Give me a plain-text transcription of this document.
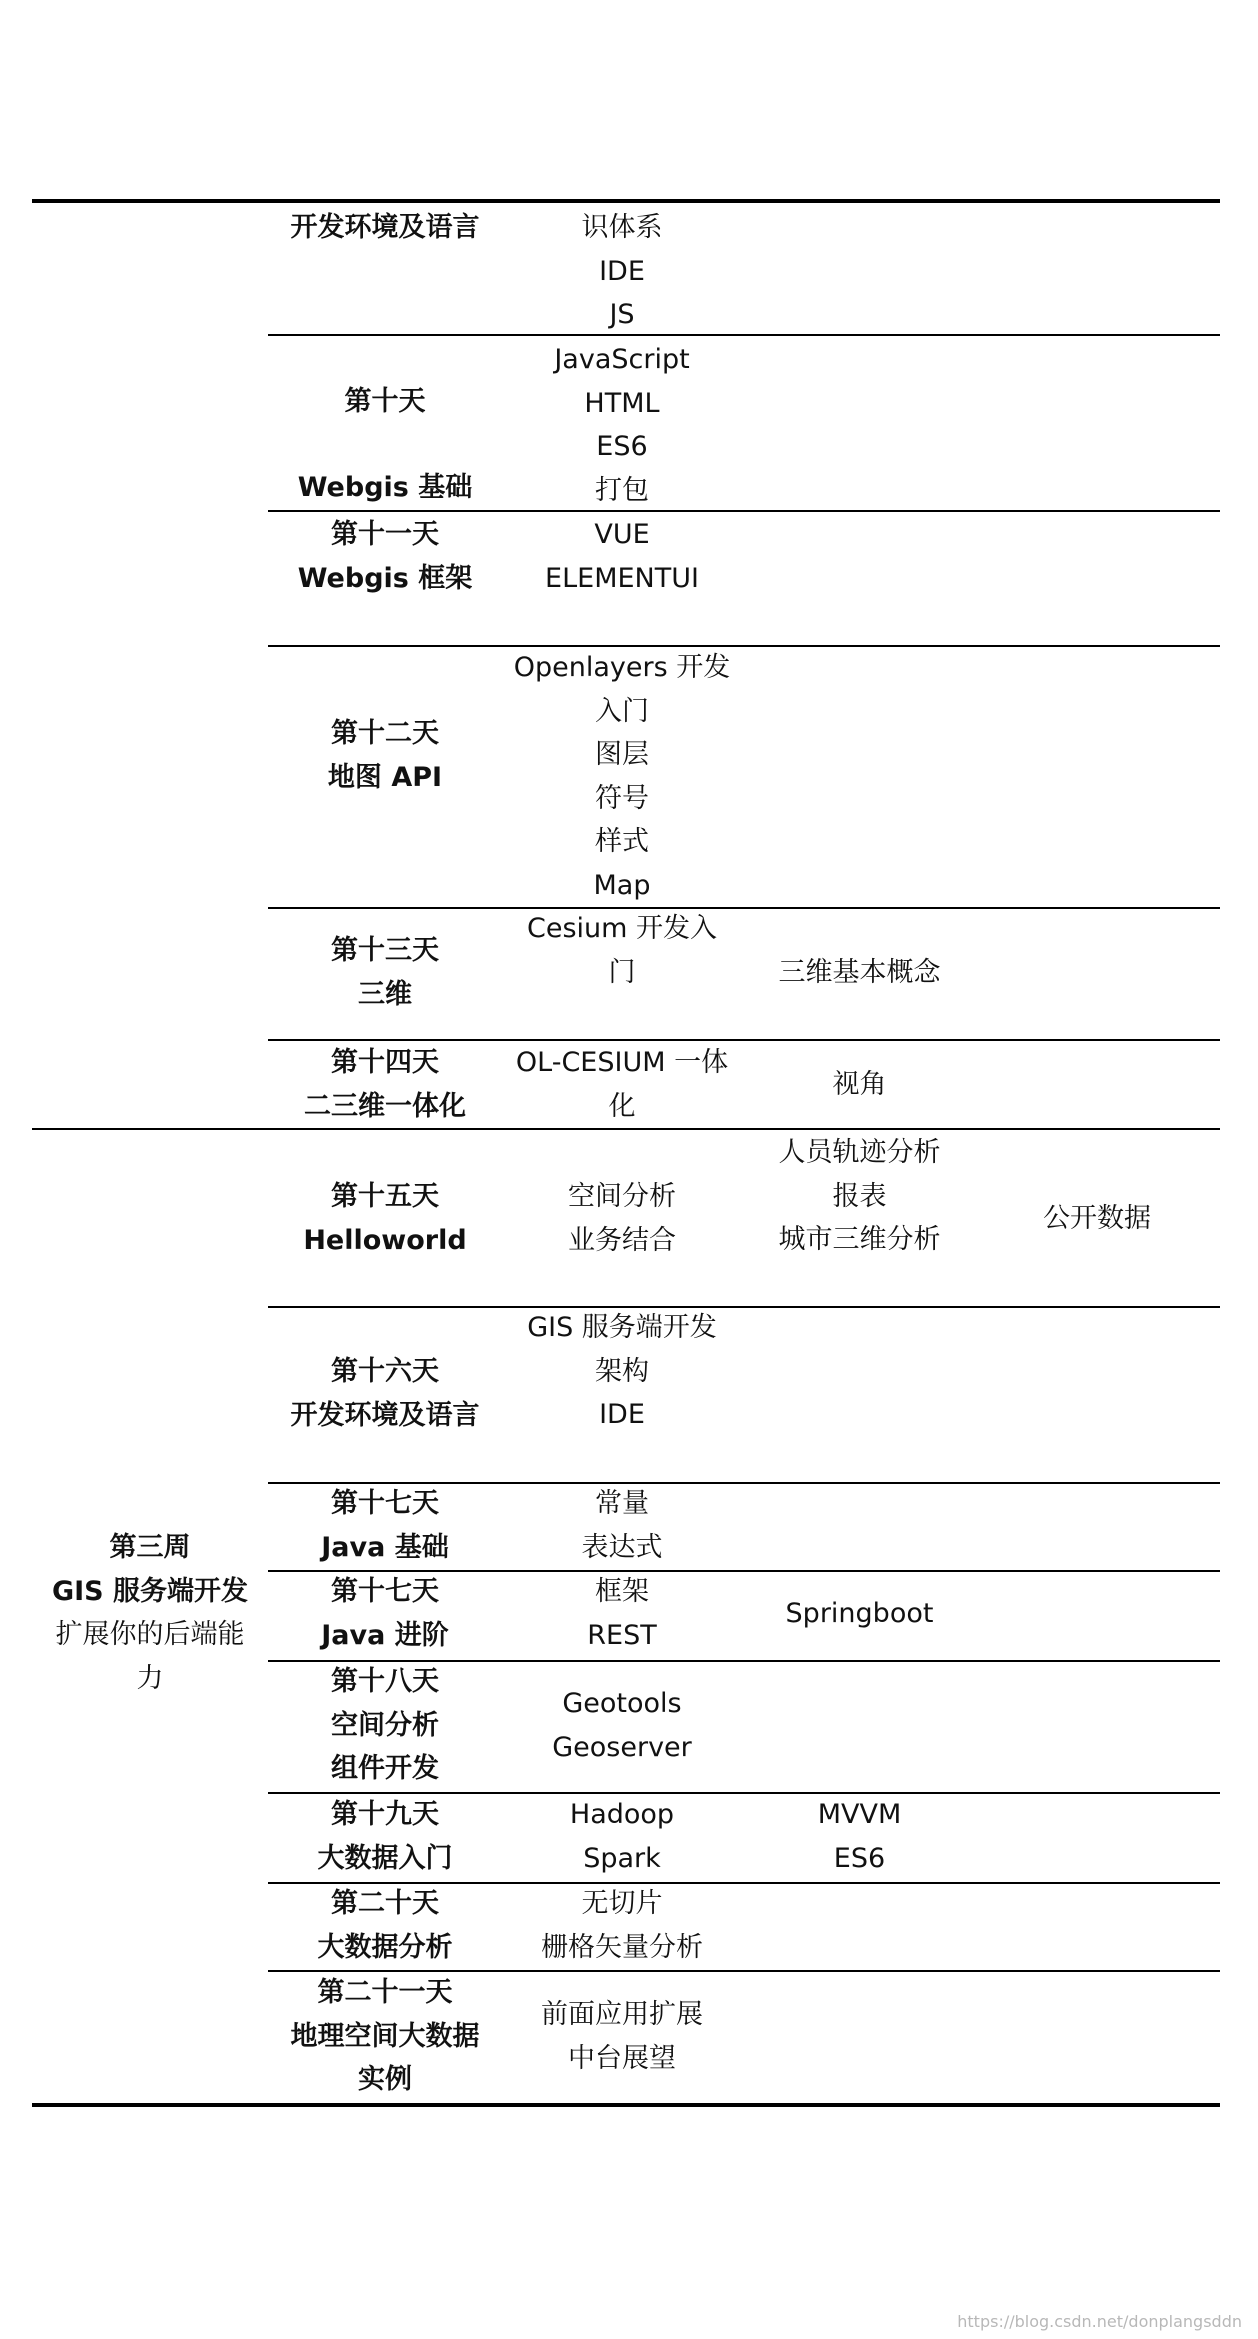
开发环境及语言	识体系
IDE
JS
第十天
Webgis 基础
JavaScript
HTML
ES6
打包
第十一天
Webgis 框架
VUE
ELEMENTUI
第十二天
地图 API
Openlayers 开发
入门
图层
符号
样式
Map
第十三天
三维
Cesium 开发入
门	三维基本概念
第十四天
二三维一体化
OL-CESIUM 一体
化
视角
第十五天
Helloworld
空间分析
业务结合
人员轨迹分析
报表
城市三维分析
公开数据
第十六天
开发环境及语言
GIS 服务端开发
架构
IDE
第十七天
Java 基础
常量
表达式
第十七天
Java 进阶
框架
REST
Springboot
第十八天
空间分析
组件开发
Geotools
Geoserver
第十九天
大数据入门
Hadoop
Spark
MVVM
ES6
第二十天
大数据分析
无切片
栅格矢量分析
第二十一天
地理空间大数据
实例
前面应用扩展
中台展望
第三周
GIS 服务端开发
扩展你的后端能
力
https://blog.csdn.net/donplangsddn
